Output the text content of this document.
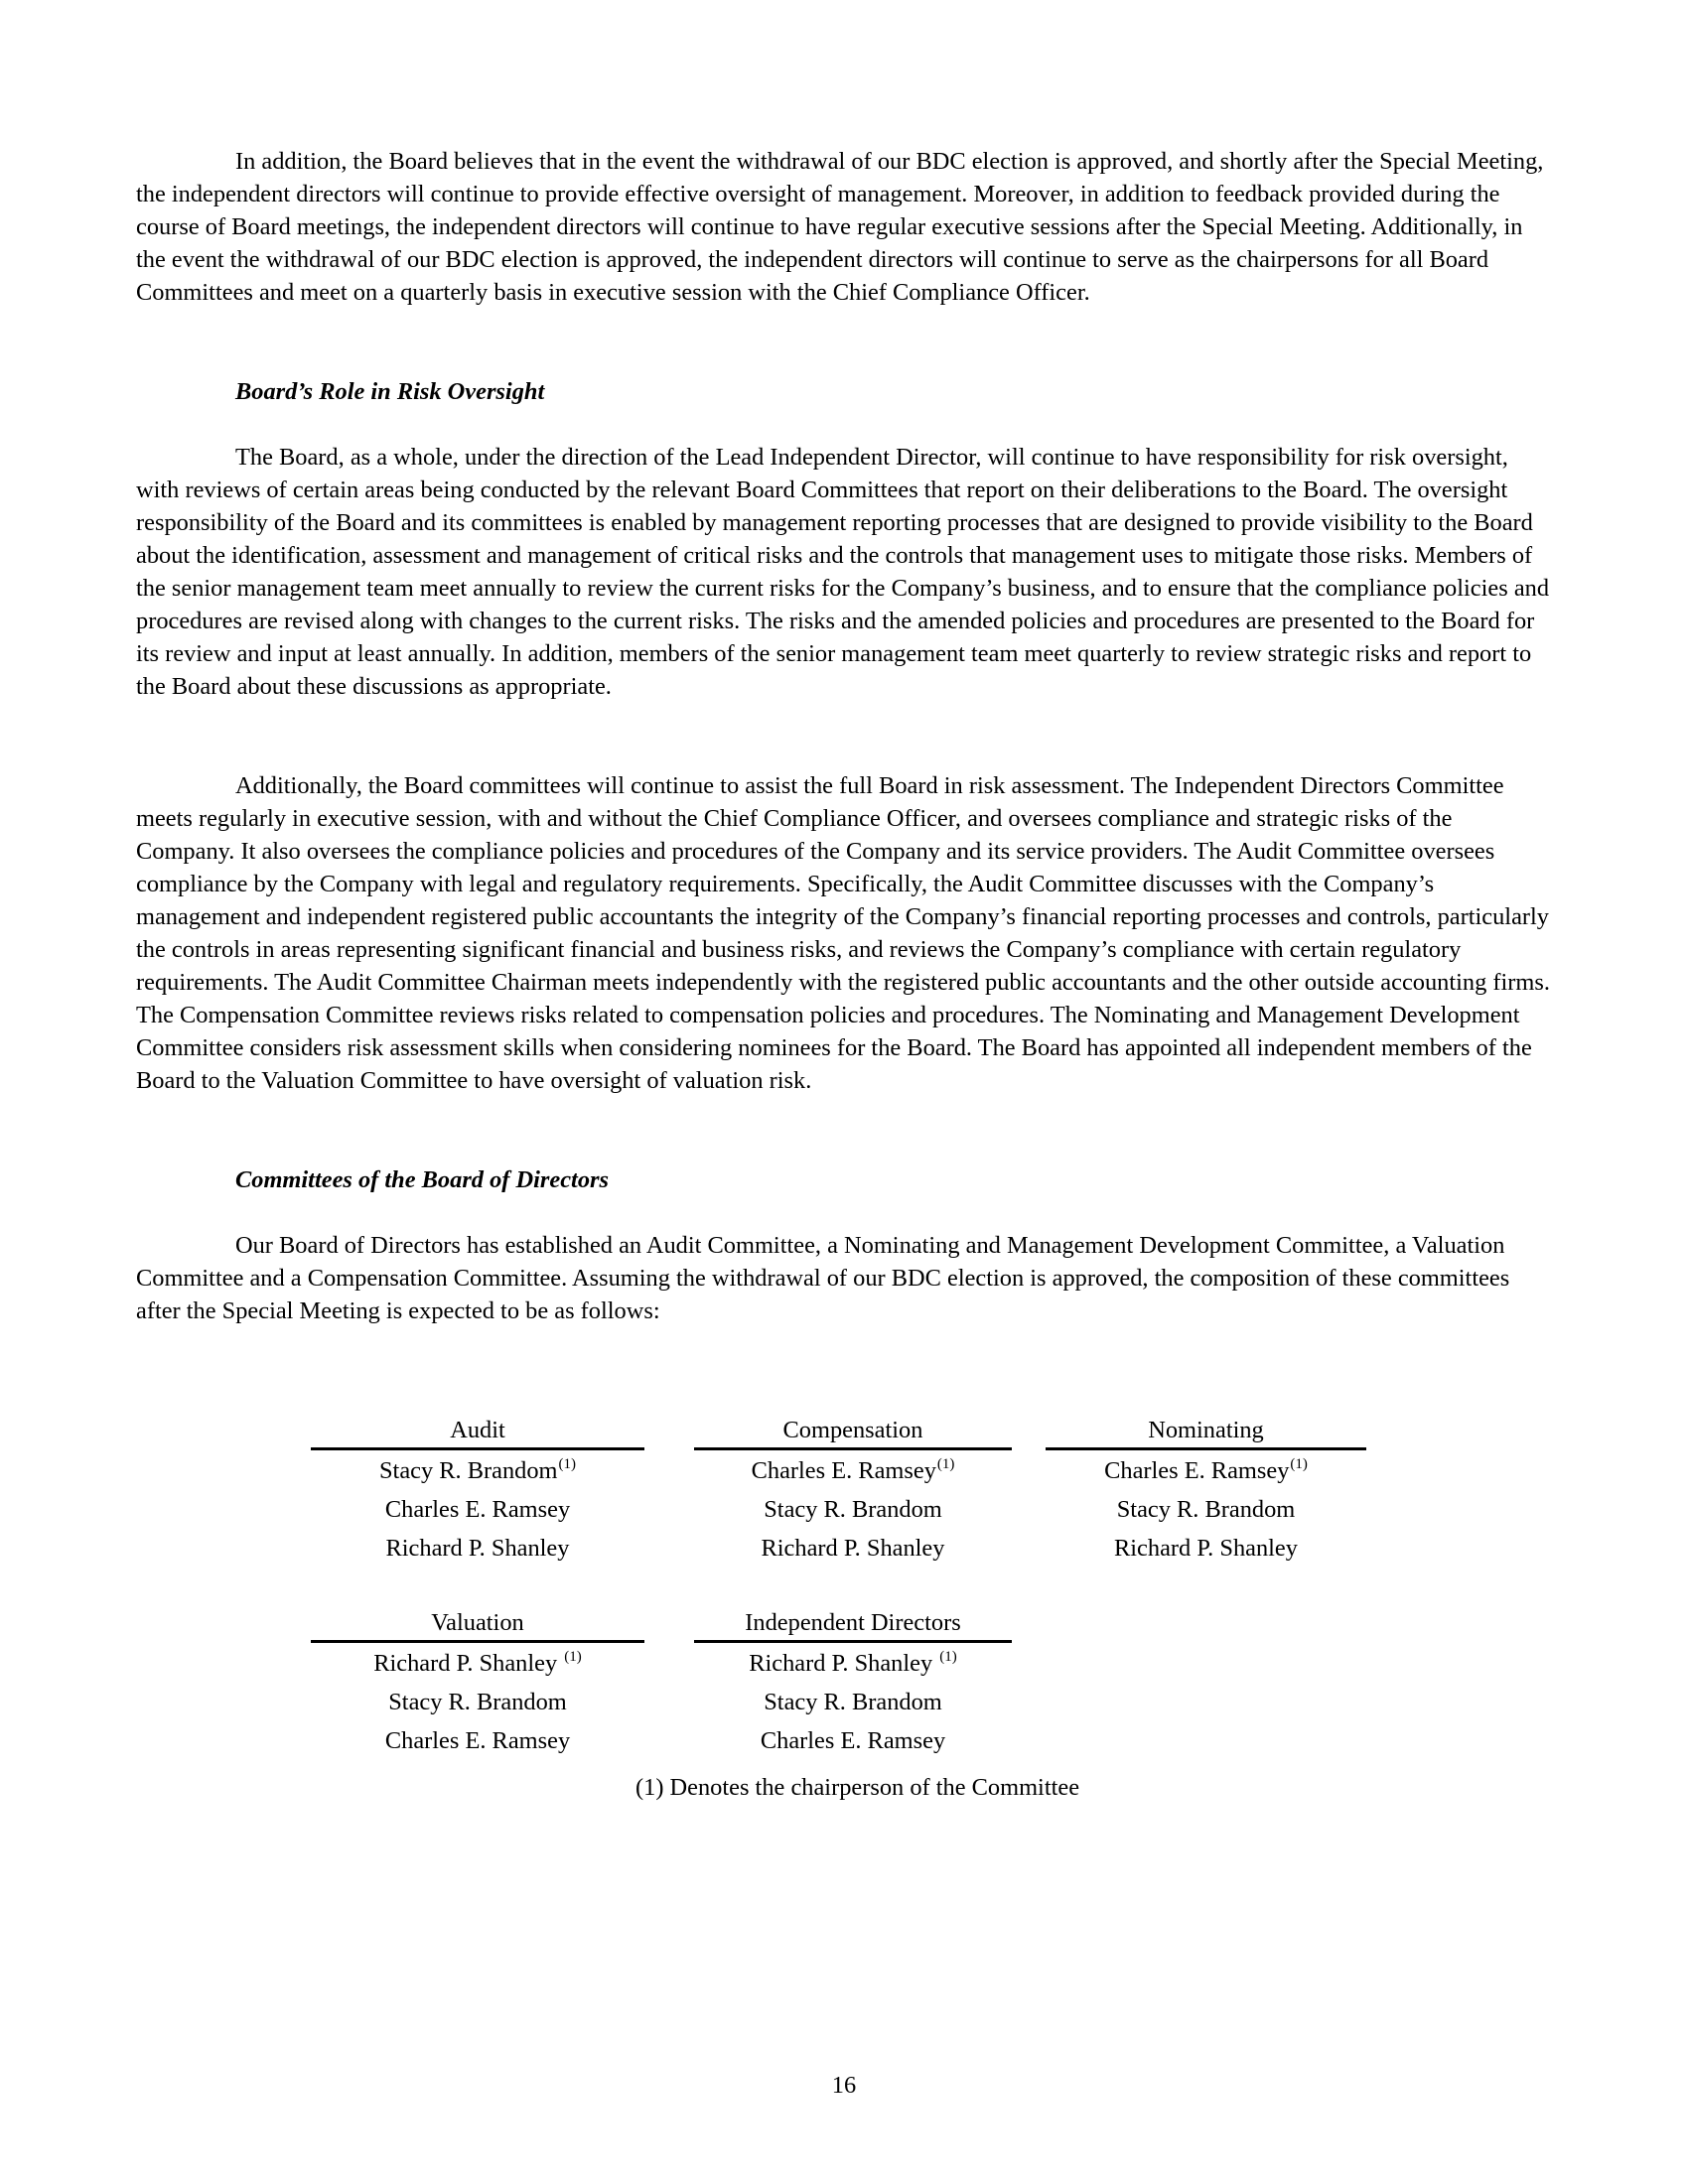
In addition, the Board believes that in the event the withdrawal of our BDC election is approved, and shortly after the Special Meeting, the independent directors will continue to provide effective oversight of management. Moreover, in addition to feedback provided during the course of Board meetings, the independent directors will continue to have regular executive sessions after the Special Meeting. Additionally, in the event the withdrawal of our BDC election is approved, the independent directors will continue to serve as the chairpersons for all Board Committees and meet on a quarterly basis in executive session with the Chief Compliance Officer.

Board’s Role in Risk Oversight

The Board, as a whole, under the direction of the Lead Independent Director, will continue to have responsibility for risk oversight, with reviews of certain areas being conducted by the relevant Board Committees that report on their deliberations to the Board. The oversight responsibility of the Board and its committees is enabled by management reporting processes that are designed to provide visibility to the Board about the identification, assessment and management of critical risks and the controls that management uses to mitigate those risks. Members of the senior management team meet annually to review the current risks for the Company’s business, and to ensure that the compliance policies and procedures are revised along with changes to the current risks. The risks and the amended policies and procedures are presented to the Board for its review and input at least annually. In addition, members of the senior management team meet quarterly to review strategic risks and report to the Board about these discussions as appropriate.

Additionally, the Board committees will continue to assist the full Board in risk assessment. The Independent Directors Committee meets regularly in executive session, with and without the Chief Compliance Officer, and oversees compliance and strategic risks of the Company. It also oversees the compliance policies and procedures of the Company and its service providers. The Audit Committee oversees compliance by the Company with legal and regulatory requirements. Specifically, the Audit Committee discusses with the Company’s management and independent registered public accountants the integrity of the Company’s financial reporting processes and controls, particularly the controls in areas representing significant financial and business risks, and reviews the Company’s compliance with certain regulatory requirements. The Audit Committee Chairman meets independently with the registered public accountants and the other outside accounting firms. The Compensation Committee reviews risks related to compensation policies and procedures. The Nominating and Management Development Committee considers risk assessment skills when considering nominees for the Board. The Board has appointed all independent members of the Board to the Valuation Committee to have oversight of valuation risk.

Committees of the Board of Directors

Our Board of Directors has established an Audit Committee, a Nominating and Management Development Committee, a Valuation Committee and a Compensation Committee. Assuming the withdrawal of our BDC election is approved, the composition of these committees after the Special Meeting is expected to be as follows:

Audit
Stacy R. Brandom$^{(1)}$
Charles E. Ramsey
Richard P. Shanley
Compensation
Charles E. Ramsey$^{(1)}$
Stacy R. Brandom
Richard P. Shanley
Nominating
Charles E. Ramsey$^{(1)}$
Stacy R. Brandom
Richard P. Shanley
Valuation
Richard P. Shanley $^{(1)}$
Stacy R. Brandom
Charles E. Ramsey
Independent Directors
Richard P. Shanley $^{(1)}$
Stacy R. Brandom
Charles E. Ramsey

(1) Denotes the chairperson of the Committee

16
